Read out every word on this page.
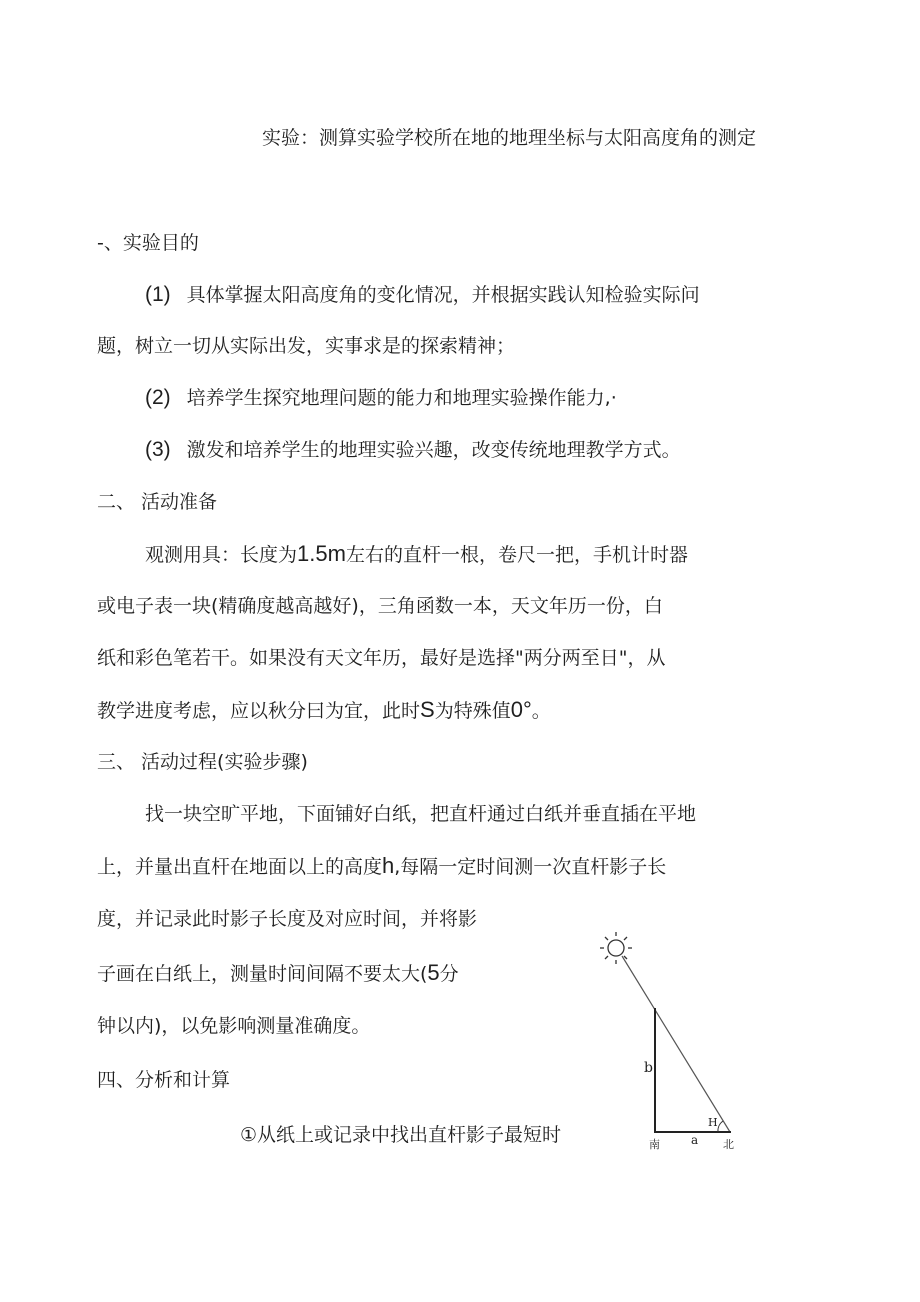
实验：测算实验学校所在地的地理坐标与太阳高度角的测定
-、实验目的
(1) 具体掌握太阳高度角的变化情况，并根据实践认知检验实际问
题，树立一切从实际出发，实事求是的探索精神；
(2) 培养学生探究地理问题的能力和地理实验操作能力,·
(3) 激发和培养学生的地理实验兴趣，改变传统地理教学方式。
二、 活动准备
观测用具：长度为1.5m左右的直杆一根，卷尺一把，手机计时器
或电子表一块(精确度越高越好)，三角函数一本，天文年历一份，白
纸和彩色笔若干。如果没有天文年历，最好是选择"两分两至日"，从
教学进度考虑，应以秋分曰为宜，此时S为特殊值0°。
三、 活动过程(实验步骤)
找一块空旷平地，下面铺好白纸，把直杆通过白纸并垂直插在平地
上，并量出直杆在地面以上的高度h,每隔一定时间测一次直杆影子长
度，并记录此时影子长度及对应时间，并将影
子画在白纸上，测量时间间隔不要太大(5分
钟以内)，以免影响测量准确度。
四、分析和计算
①从纸上或记录中找出直杆影子最短时
b
H
a
南	北
